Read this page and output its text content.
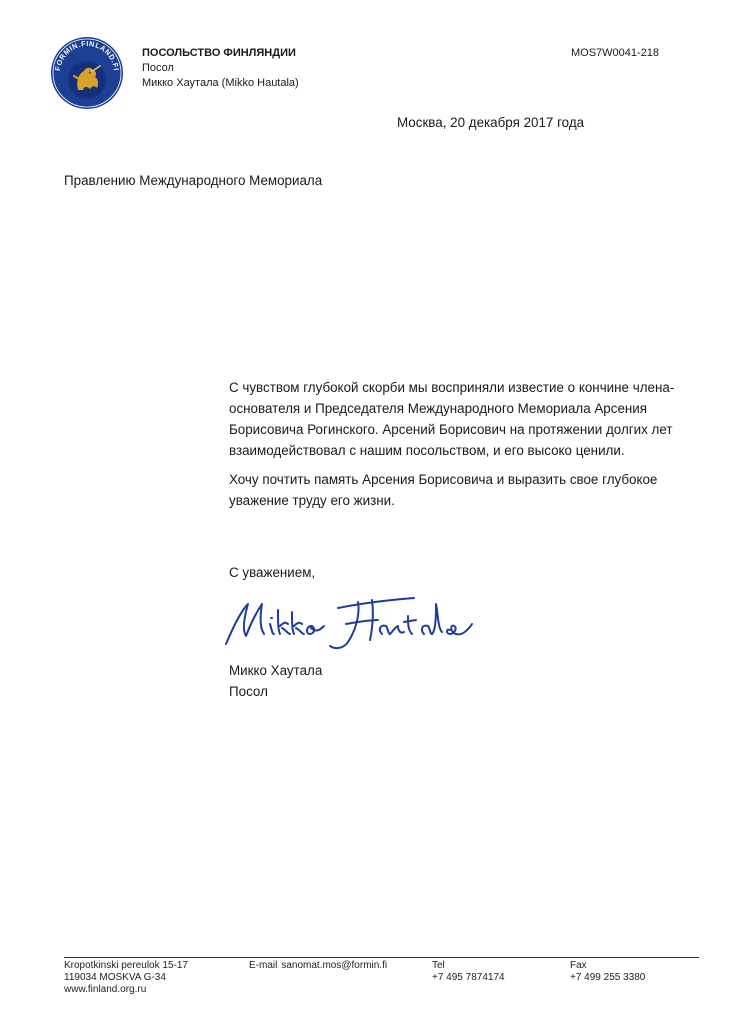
FORMIN.FINLAND.FI
ПОСОЛЬСТВО ФИНЛЯНДИИ
Посол
Микко Хаутала (Mikko Hautala)
MOS7W0041-218
Москва, 20 декабря 2017 года
Правлению Международного Мемориала
С чувством глубокой скорби мы восприняли известие о кончине члена-
основателя и Председателя Международного Мемориала Арсения
Борисовича Рогинского. Арсений Борисович на протяжении долгих лет
взаимодействовал с нашим посольством, и его высоко ценили.
Хочу почтить память Арсения Борисовича и выразить свое глубокое
уважение труду его жизни.
С уважением,
Микко Хаутала
Посол
Kropotkinski pereulok 15-17
119034 MOSKVA G-34
www.finland.org.ru
E-mail sanomat.mos@formin.fi	Tel
+7 495 7874174
Fax
+7 499 255 3380
